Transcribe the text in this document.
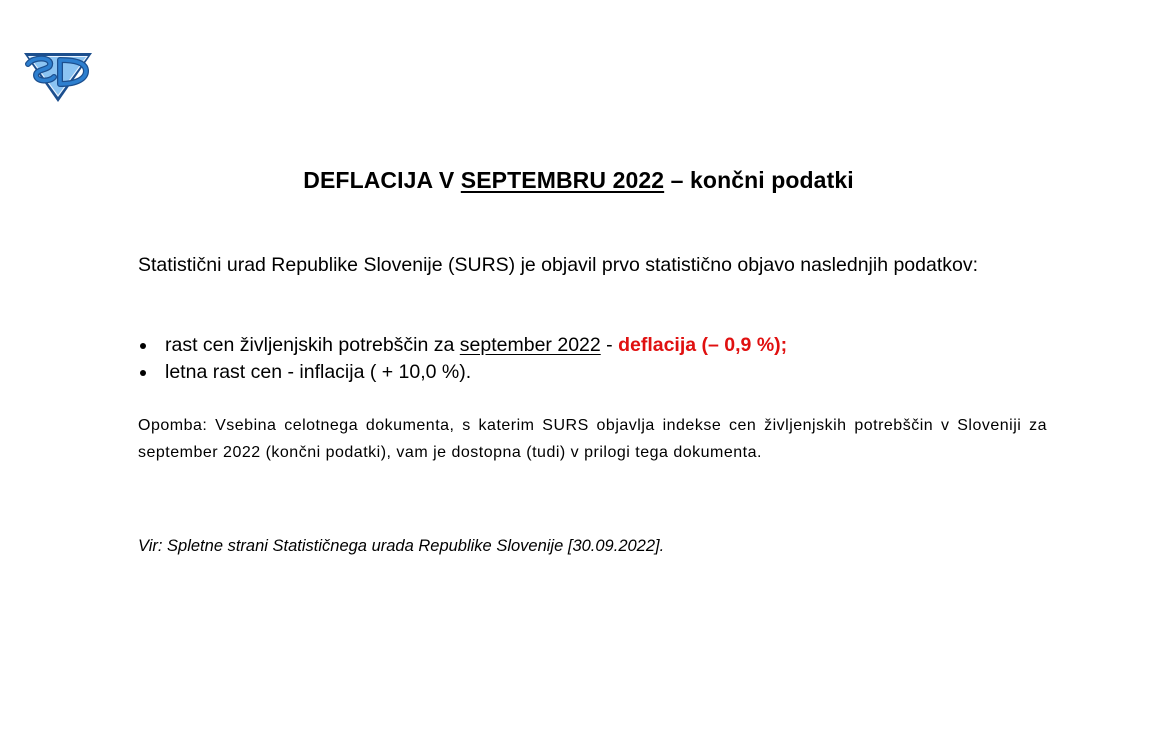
DEFLACIJA V SEPTEMBRU 2022 – končni podatki
Statistični urad Republike Slovenije (SURS) je objavil prvo statistično objavo naslednjih podatkov:
rast cen življenjskih potrebščin za september 2022 - deflacija (– 0,9 %);
letna rast cen - inflacija ( + 10,0 %).
Opomba: Vsebina celotnega dokumenta, s katerim SURS objavlja indekse cen življenjskih potrebščin v Sloveniji za september 2022 (končni podatki), vam je dostopna (tudi) v prilogi tega dokumenta.
Vir: Spletne strani Statističnega urada Republike Slovenije [30.09.2022].
